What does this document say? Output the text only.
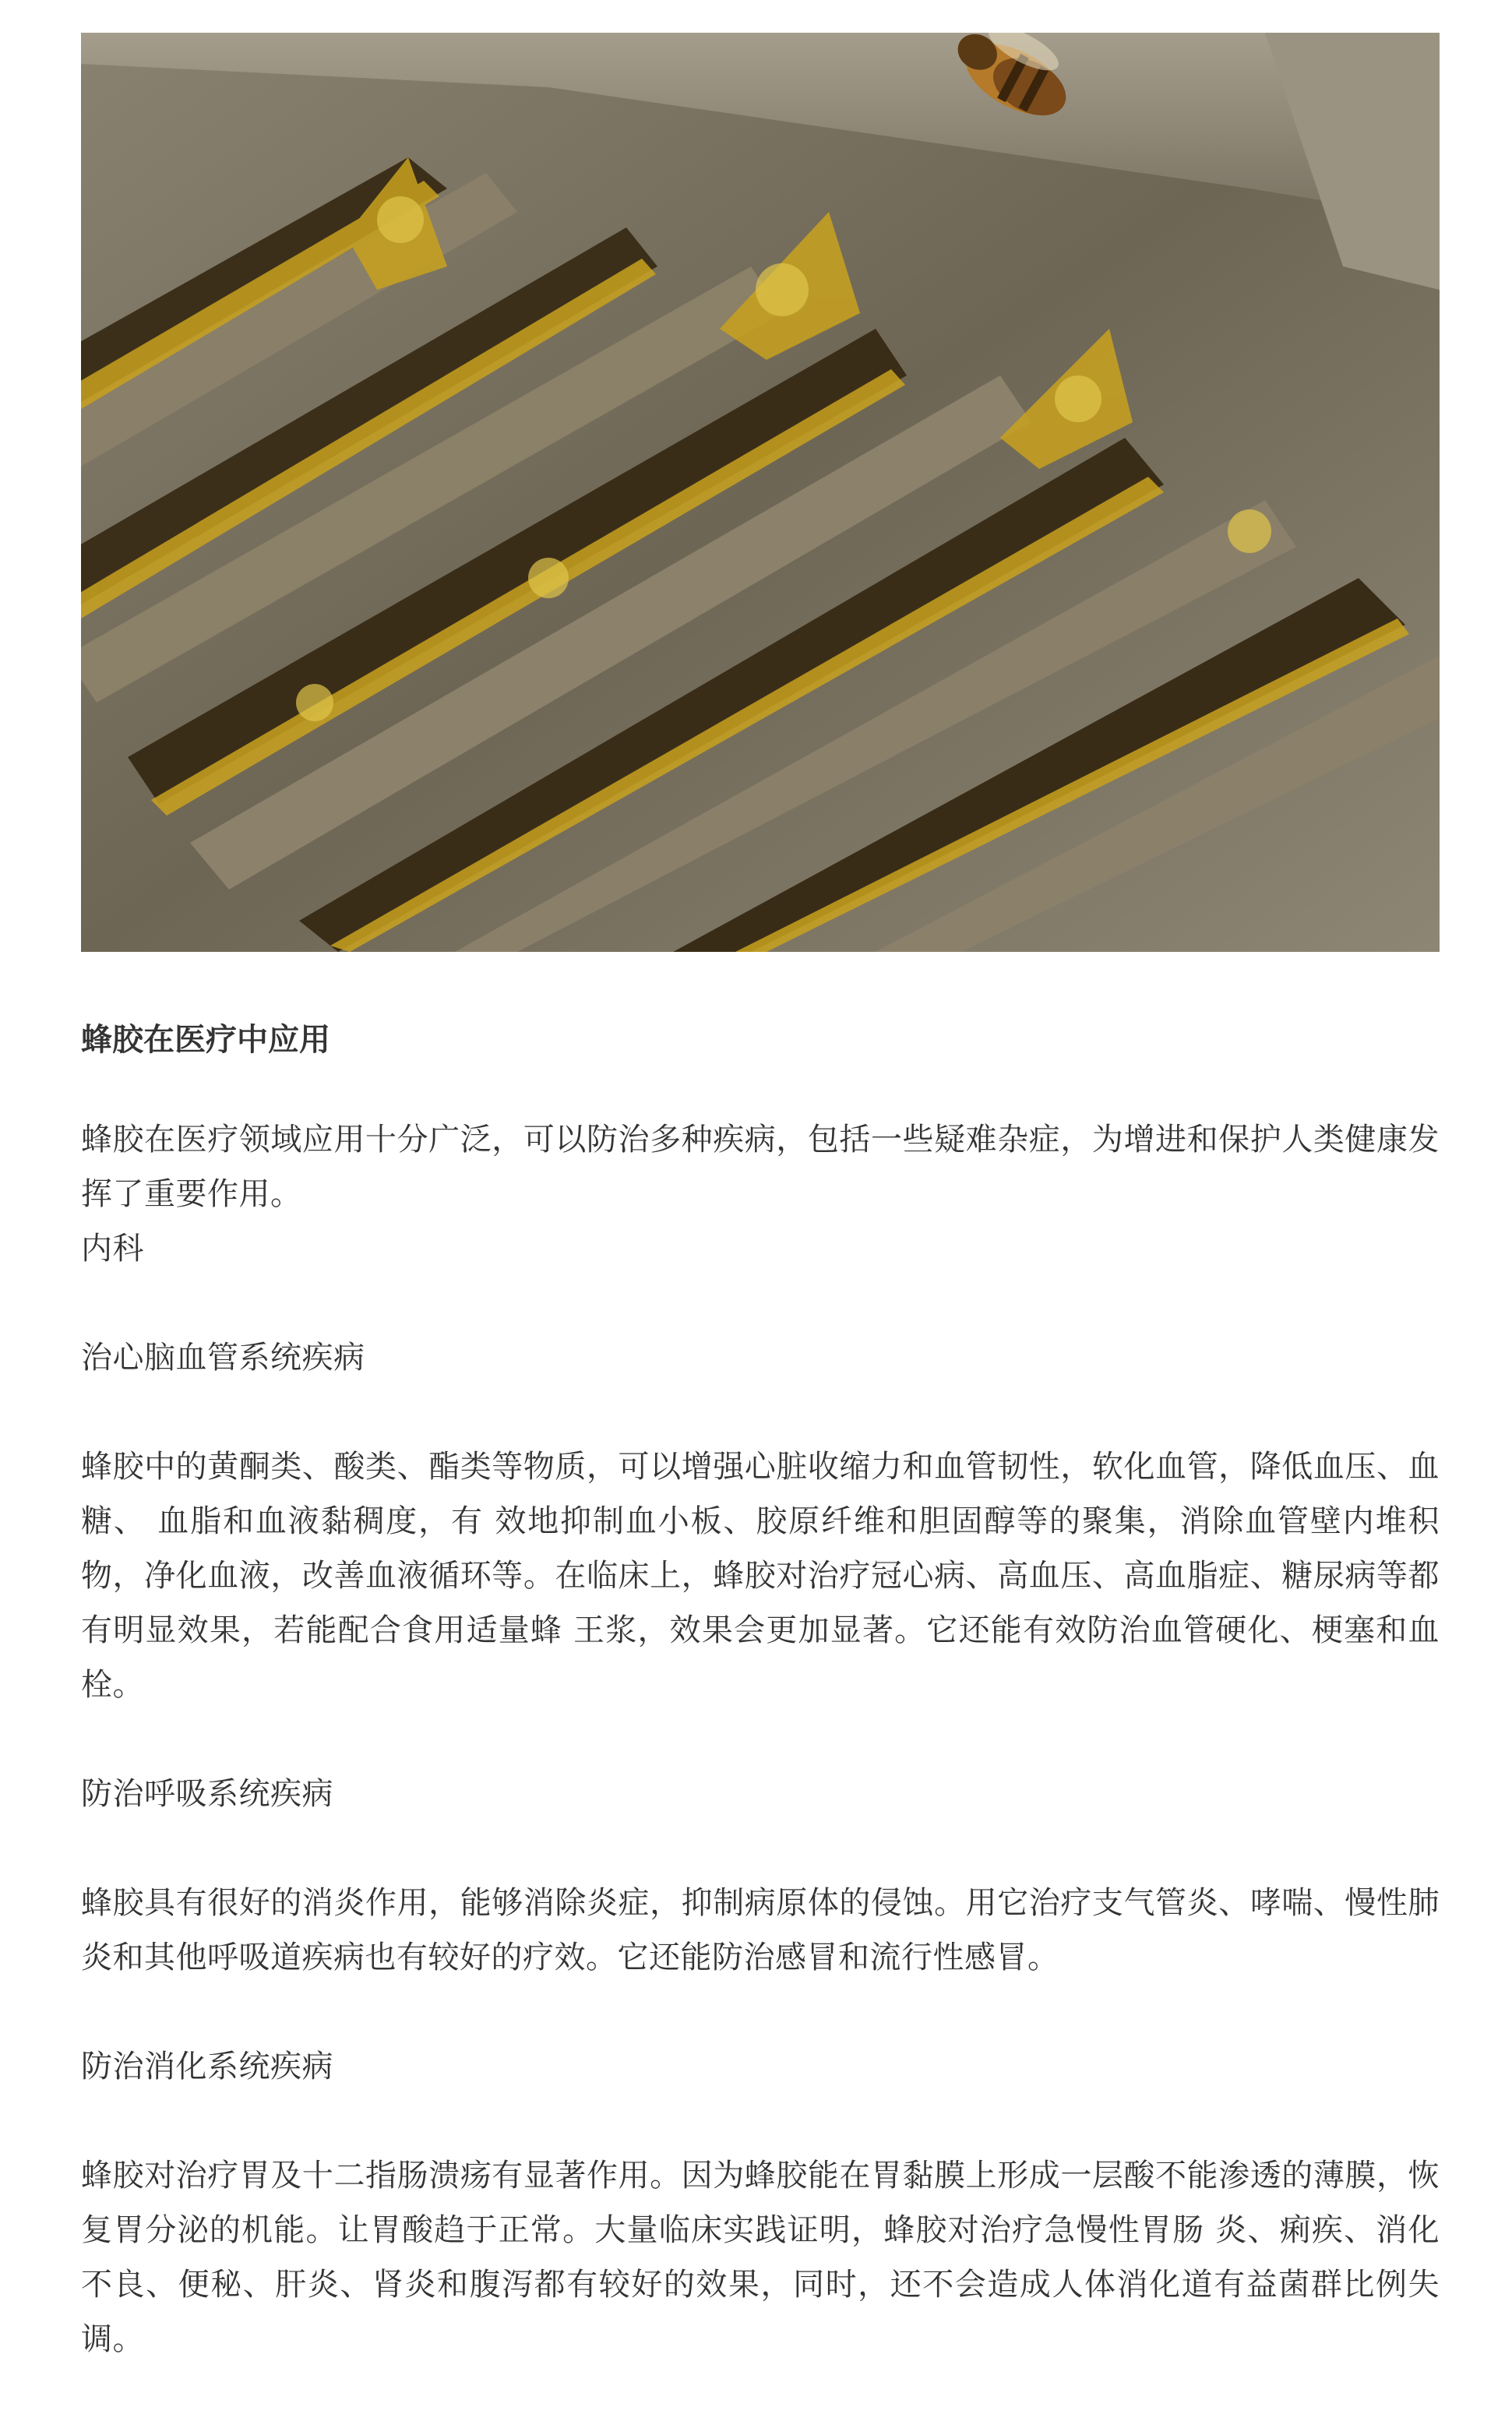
蜂胶在医疗中应用

蜂胶在医疗领域应用十分广泛，可以防治多种疾病，包括一些疑难杂症，为增进和保护人类健康发挥了重要作用。

内科

治心脑血管系统疾病

蜂胶中的黄酮类、酸类、酯类等物质，可以增强心脏收缩力和血管韧性，软化血管，降低血压、血糖、 血脂和血液黏稠度，有 效地抑制血小板、胶原纤维和胆固醇等的聚集，消除血管壁内堆积物，净化血液，改善血液循环等。在临床上，蜂胶对治疗冠心病、高血压、高血脂症、糖尿病等都有明显效果，若能配合食用适量蜂 王浆，效果会更加显著。它还能有效防治血管硬化、梗塞和血栓。

防治呼吸系统疾病

蜂胶具有很好的消炎作用，能够消除炎症，抑制病原体的侵蚀。用它治疗支气管炎、哮喘、慢性肺炎和其他呼吸道疾病也有较好的疗效。它还能防治感冒和流行性感冒。

防治消化系统疾病

蜂胶对治疗胃及十二指肠溃疡有显著作用。因为蜂胶能在胃黏膜上形成一层酸不能渗透的薄膜，恢复胃分泌的机能。让胃酸趋于正常。大量临床实践证明，蜂胶对治疗急慢性胃肠 炎、痢疾、消化不良、便秘、肝炎、肾炎和腹泻都有较好的效果，同时，还不会造成人体消化道有益菌群比例失调。
